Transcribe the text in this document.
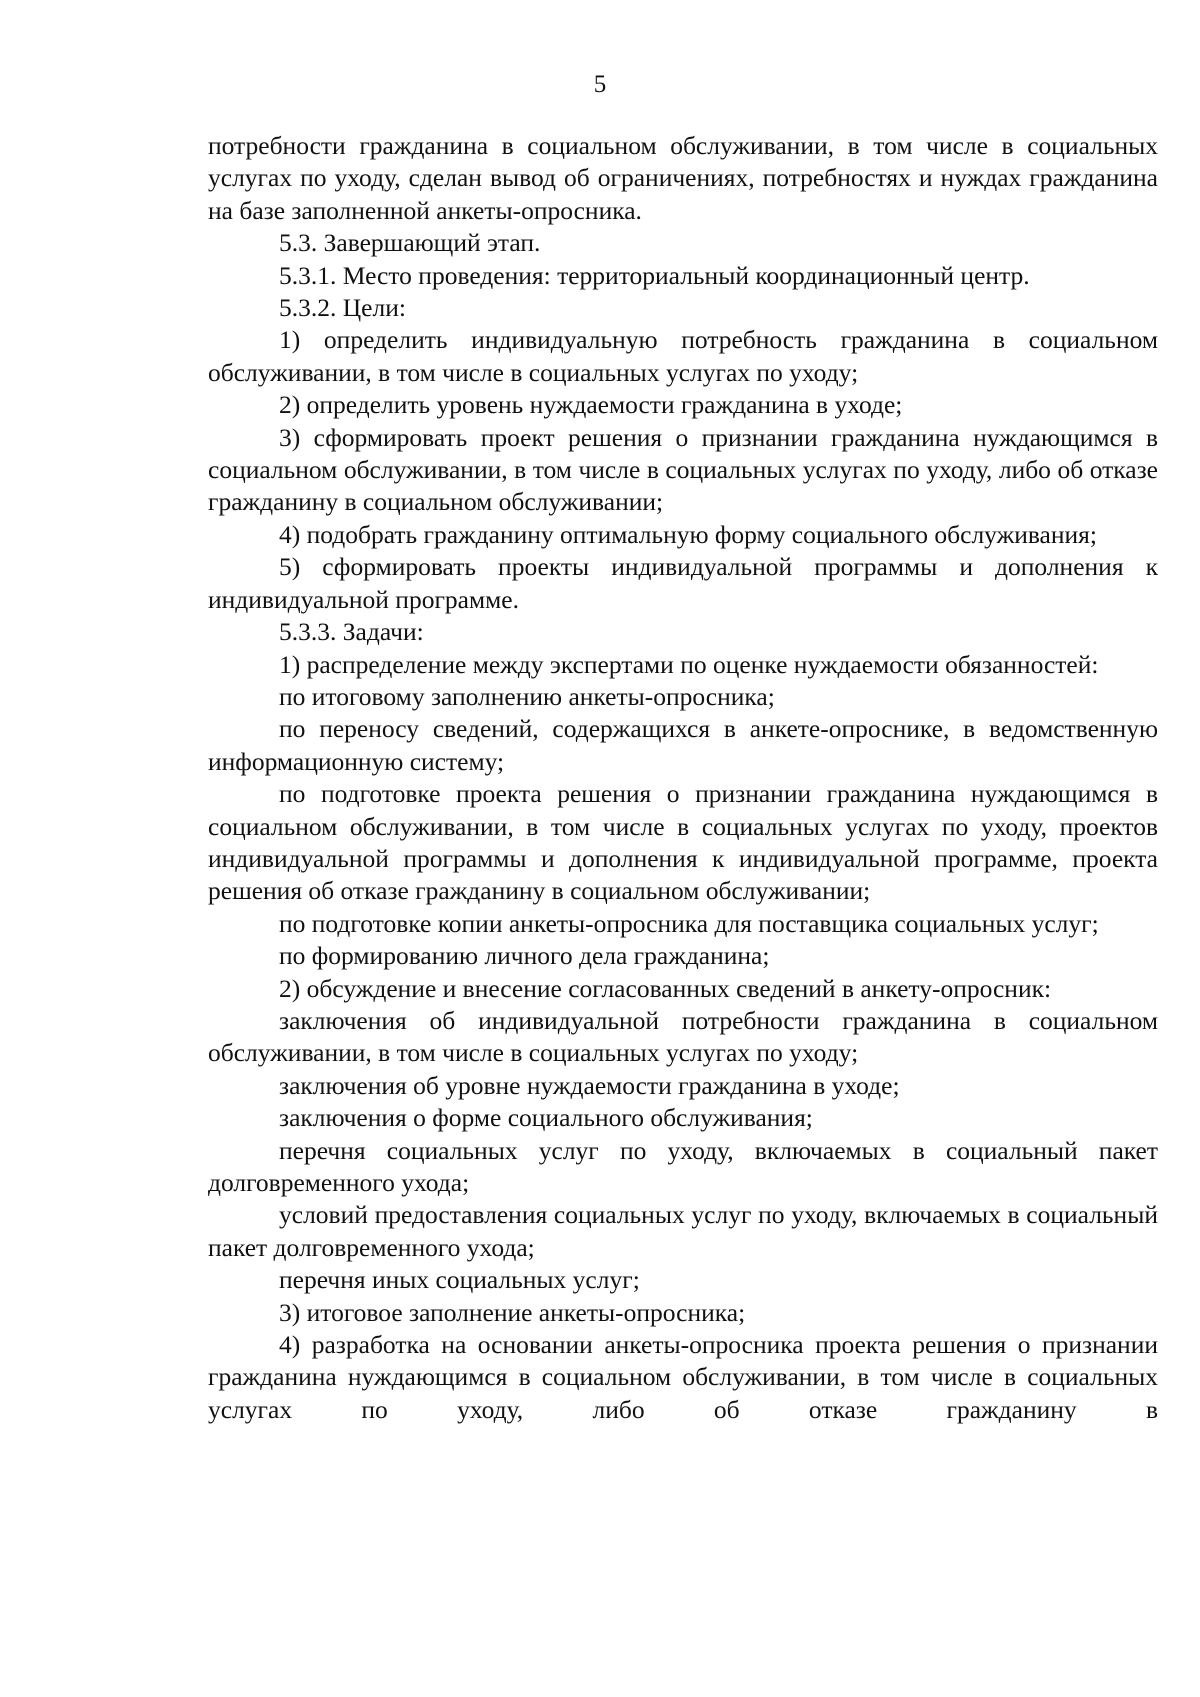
5

потребности гражданина в социальном обслуживании, в том числе в социальных услугах по уходу, сделан вывод об ограничениях, потребностях и нуждах гражданина на базе заполненной анкеты-опросника.

5.3. Завершающий этап.

5.3.1. Место проведения: территориальный координационный центр.

5.3.2. Цели:

1) определить индивидуальную потребность гражданина в социальном обслуживании, в том числе в социальных услугах по уходу;

2) определить уровень нуждаемости гражданина в уходе;

3) сформировать проект решения о признании гражданина нуждающимся в социальном обслуживании, в том числе в социальных услугах по уходу, либо об отказе гражданину в социальном обслуживании;

4) подобрать гражданину оптимальную форму социального обслуживания;

5) сформировать проекты индивидуальной программы и дополнения к индивидуальной программе.

5.3.3. Задачи:

1) распределение между экспертами по оценке нуждаемости обязанностей:

по итоговому заполнению анкеты-опросника;

по переносу сведений, содержащихся в анкете-опроснике, в ведомственную информационную систему;

по подготовке проекта решения о признании гражданина нуждающимся в социальном обслуживании, в том числе в социальных услугах по уходу, проектов индивидуальной программы и дополнения к индивидуальной программе, проекта решения об отказе гражданину в социальном обслуживании;

по подготовке копии анкеты-опросника для поставщика социальных услуг;

по формированию личного дела гражданина;

2) обсуждение и внесение согласованных сведений в анкету-опросник:

заключения об индивидуальной потребности гражданина в социальном обслуживании, в том числе в социальных услугах по уходу;

заключения об уровне нуждаемости гражданина в уходе;

заключения о форме социального обслуживания;

перечня социальных услуг по уходу, включаемых в социальный пакет долговременного ухода;

условий предоставления социальных услуг по уходу, включаемых в социальный пакет долговременного ухода;

перечня иных социальных услуг;

3) итоговое заполнение анкеты-опросника;

4) разработка на основании анкеты-опросника проекта решения о признании гражданина нуждающимся в социальном обслуживании, в том числе в социальных услугах по уходу, либо об отказе гражданину в
